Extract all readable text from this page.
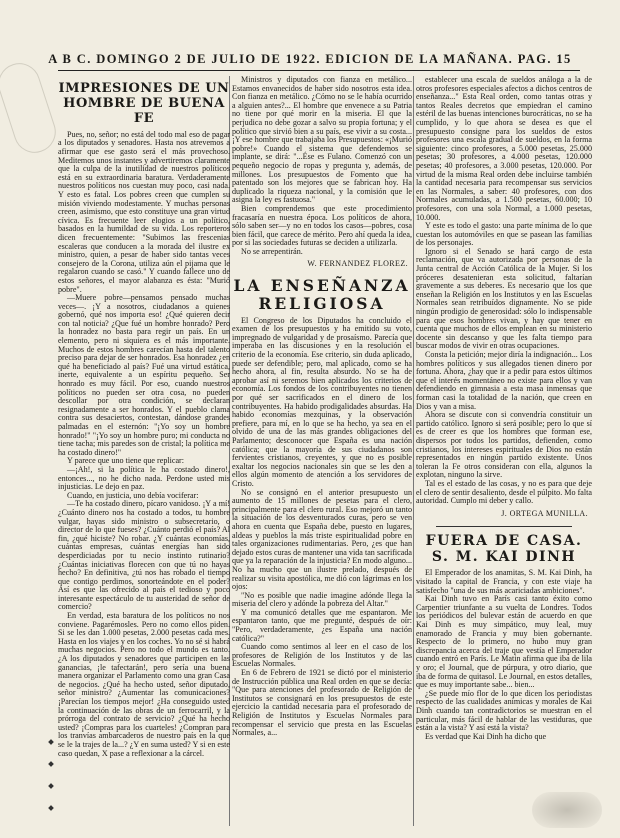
A B C. DOMINGO 2 DE JULIO DE 1922. EDICION DE LA MAÑANA. PAG. 15
IMPRESIONES DE UN HOMBRE DE BUENA FE

Pues, no, señor; no está del todo mal eso de pagar a los diputados y senadores. Hasta nos atrevemos a afirmar que ese gasto será el más provechoso. Meditemos unos instantes y advertiremos claramente que la culpa de la inutilidad de nuestros políticos está en su extraordinaria baratura. Verdaderamente nuestros políticos nos cuestan muy poco, casi nada. Y esto es fatal. Los pobres creen que cumplen su misión viviendo modestamente. Y muchas personas creen, asimismo, que esto constituye una gran virtud cívica. Es frecuente leer elogios a un político, basados en la humildad de su vida. Los reporteros dicen frecuentemente: "Subimos las frescenias escaleras que conducen a la morada del ilustre ex ministro, quien, a pesar de haber sido tantas veces consejero de la Corona, utiliza aún el pijama que le regalaron cuando se casó." Y cuando fallece uno de estos señores, el mayor alabanza es ésta: "Murió pobre".

—Muere pobre—pensamos pensado muchas veces—. ¡Y a nosotros, ciudadanos a quienes gobernó, qué nos importa eso! ¿Qué quieren decir con tal noticia? ¿Que fué un hombre honrado? Pero la honradez no basta para regir un país. En un elemento, pero ni siquiera es el más importante. Muchos de estos hombres carecían hasta del talento preciso para dejar de ser honrados. Esa honradez ¿en qué ha beneficiado al país? Fué una virtud estática, inerte, equivalente a un espíritu pequeño. Ser honrado es muy fácil. Por eso, cuando nuestros políticos no pueden ser otra cosa, no pueden descollar por otra condición, se declaran resignadamente a ser honrados. Y el pueblo clama contra sus desaciertos, contestan, dándose grandes palmadas en el esternón: "¡Yo soy un hombre honrado!" "¡Yo soy un hombre puro; mi conducta no tiene tacha; mis paredes son de cristal; la política me ha costado dinero!"

Y parece que uno tiene que replicar:

—¡Ah!, si la política le ha costado dinero!, entonces..., no he dicho nada. Perdone usted mis injusticias. Le dejo en paz.

Cuando, en justicia, uno debía vociferar:

—Te ha costado dinero, pícaro vanidoso. ¡Y a mí! ¿Cuánto dinero nos ha costado a todos, tu hombre vulgar, hayas sido ministro o subsecretario, o director de lo que fueses? ¿Cuánto perdió el país? Al fin, ¿qué hiciste? No robar. ¿Y cuántas economías, cuántas empresas, cuántas energías han sido desperdiciadas por tu necio instinto rutinario? ¿Cuántas iniciativas florecen con que tú no hayas hecho? En definitiva, ¿tú nos has robado el tiempo que contigo perdimos, sonorteándote en el poder? Así es que las ofrecido al país el tedioso y poco interesante espectáculo de tu austeridad de señor de comercio?

En verdad, esta baratura de los políticos no nos conviene. Pagarémosles. Pero no como ellos piden. Si se les dan 1.000 pesetas, 2.000 pesetas cada mes. Hasta en los viajes y en los coches. Yo no sé si habrá muchas negocios. Pero no todo el mundo es tanto. ¿A los diputados y senadores que participen en las ganancias, ¡le tafectarán!, pero sería una buena manera organizar el Parlamento como una gran Casa de negocios. ¿Qué ha hecho usted, señor diputado, señor ministro? ¿Aumentar las comunicaciones? ¡Parecían los tiempos mejor! ¿Ha conseguido usted la continuación de las obras de un ferrocarril, y la prórroga del contrato de servicio? ¿Qué ha hecho usted? ¡Compras para los cuarteles! ¿Compran para los tranvías ambarcaderos de nuestro país en la que se le la trajes de la...? ¿Y en suma usted? Y si en este caso quedan, X pase a reflexionar a la cárcel.

Ministros y diputados con fianza en metálico... Estamos envanecidos de haber sido nosotros esta idea. Con fianza en metálico. ¿Cómo no se le había ocurrido a alguien antes?... El hombre que envenece a su Patria no tiene por qué morir en la miseria. El que la perjudica no debe gozar a salvo su propia fortuna; y el político que sirvió bien a su país, ese vivir a su costa... ¡Y ese hombre que trabajaba los Presupuestos: «¡Murió pobre!» Cuando el sistema que defendemos se implante, se dirá: "...Ése es Fulano. Comenzó con un pequeño negocio de ropas y pregunta y, además, de millones. Los presupuestos de Fomento que ha patentado son los mejores que se fabrican hoy. Ha duplicado la riqueza nacional, y la comisión que le asigna la ley es fastuosa."

Bien comprendemos que este procedimiento fracasaría en nuestra época. Los políticos de ahora, sólo saben ser—y no en todos los casos—pobres, cosa bien fácil, que carece de mérito. Pero ahí queda la idea, por si las sociedades futuras se deciden a utilizarla.

No se arrepentirán.

W. FERNANDEZ FLOREZ.
LA ENSEÑANZA RELIGIOSA

El Congreso de los Diputados ha concluido el examen de los presupuestos y ha emitido su voto, impregnado de vulgaridad y de prosaísmo. Parecía que imperaba en las discusiones y en la resolución el criterio de la economía. Ese criterio, sin duda aplicado, puede ser defendible; pero, mal aplicado, como se ha hecho ahora, al fin, resulta absurdo. No se ha de aprobar así ni seremos bien aplicados los criterios de economía. Los fondos de los contribuyentes no tienen por qué ser sacrificados en el dinero de los contribuyentes. Ha habido prodigalidades absurdas. Ha habido economías mezquinas, y la observación prefiere, para mí, en lo que se ha hecho, ya sea en el olvido de una de las más grandes obligaciones del Parlamento; desconocer que España es una nación católica; que la mayoría de sus ciudadanos son fervientes cristianos, creyentes, y que no es posible exaltar los negocios nacionales sin que se les den a ellos algún momento de atención a los servidores de Cristo.

No se consignó en el anterior presupuesto un aumento de 15 millones de pesetas para el clero, principalmente para el clero rural. Eso mejoró un tanto la situación de los desventurados curas, pero se ven ahora en cuenta que España debe, puesto en lugares, aldeas y pueblos la más triste espiritualidad pobre en tales organizaciones rudimentarias. Pero, ¿es que han dejado estos curas de mantener una vida tan sacrificada que ya la reparación de la injusticia? En modo alguno... No ha mucho que un ilustre prelado, después de realizar su visita apostólica, me dió con lágrimas en los ojos:

"No es posible que nadie imagine adónde llega la miseria del clero y adónde la pobreza del Altar."

Y ma comunicó detalles que me espantaron. Me espantaron tanto, que me pregunté, después de oír: "Pero, verdaderamente, ¿es España una nación católica?"

Cuando como sentimos al leer en el caso de los profesores de Religión de los Institutos y de las Escuelas Normales.

En 6 de Febrero de 1921 se dictó por el ministerio de Instrucción pública una Real orden en que se decía: "Que para atenciones del profesorado de Religión de Institutos se consignará en los presupuestos de este ejercicio la cantidad necesaria para el profesorado de Religión de Institutos y Escuelas Normales para recompensar el servicio que presta en las Escuelas Normales, a...

establecer una escala de sueldos análoga a la de otros profesores especiales afectos a dichos centros de enseñanza..." Esta Real orden, como tantas otras y tantos Reales decretos que empiedran el camino estéril de las buenas intenciones burocráticas, no se ha cumplido, y lo que ahora se desea es que el presupuesto consigne para los sueldos de estos profesores una escala gradual de sueldos, en la forma siguiente: cinco profesores, a 5.000 pesetas, 25.000 pesetas; 30 profesores, a 4.000 pesetas, 120.000 pesetas; 40 profesores, a 3.000 pesetas, 120.000. Por virtud de la misma Real orden debe incluirse también la cantidad necesaria para recompensar sus servicios en las Normales, a saber: 40 profesores, con dos Normales acumuladas, a 1.500 pesetas, 60.000; 10 profesores, con una sola Normal, a 1.000 pesetas, 10.000.

Y este es todo el gasto: una parte mínima de lo que cuestan los automóviles en que se pasean las familias de los personajes.

Ignoro si el Senado se hará cargo de esta reclamación, que va autorizada por personas de la Junta central de Acción Católica de la Mujer. Si los próceres desatenieran esta solicitud, faltarían gravemente a sus deberes. Es necesario que los que enseñan la Religión en los Institutos y en las Escuelas Normales sean retribuídos dignamente. No se pide ningún prodigio de generosidad: sólo lo indispensable para que esos hombres vivan, y hay que tener en cuenta que muchos de ellos emplean en su ministerio docente sin descanso y que les falta tiempo para buscar modos de vivir en otras ocupaciones.

Consta la petición; mejor diría la indignación... Los hombres políticos y sus allegados tienen dinero por fortuna. Ahora, ¿hay que ir a pedir para estos últimos que el interés momentáneo no existe para ellos y van defendiendo en gimnasia a esta masa inmensas que forman casi la totalidad de la nación, que creen en Dios y van a misa.

Ahora se discute con si convendría constituir un partido católico. Ignoro si será posible; pero lo que sí es de creer es que los hombres que forman ese, dispersos por todos los partidos, defienden, como cristianos, los intereses espirituales de Dios no están representados en ningún partido existente. Unos toleran la Fe otros consideran con ella, algunos la explotan, ninguno la sirve.

Tal es el estado de las cosas, y no es para que deje el clero de sentir desaliento, desde el púlpito. Mo falta autoridad. Cumplo mi deber y callo.

J. ORTEGA MUNILLA.
FUERA DE CASA. S. M. KAI DINH

El Emperador de los anamitas, S. M. Kai Dinh, ha visitado la capital de Francia, y con este viaje ha satisfecho "una de sus más acariciadas ambiciones".

Kai Dinh tuvo en París casi tanto éxito como Carpentier triunfante a su vuelta de Londres. Todos los periódicos del bulevar están de acuerdo en que Kai Dinh es muy simpático, muy leal, muy enamorado de Francia y muy bien gobernante. Respecto de lo primero, no hubo muy gran discrepancia acerca del traje que vestía el Emperador cuando entró en París. Le Matin afirma que iba de lila y oro; el Journal, que de púrpura, y otro diario, que iba de forma de quitasol. Le Journal, en estos detalles, que es muy importante sabe... bien...

¿Se puede mío flor de lo que dicen los periodistas respecto de las cualidades anímicas y morales de Kai Dinh cuando tan contradictorios se muestran en el particular, más fácil de hablar de las vestiduras, que están a la vista? Y así está la vista?

Es verdad que Kai Dinh ha dicho que
